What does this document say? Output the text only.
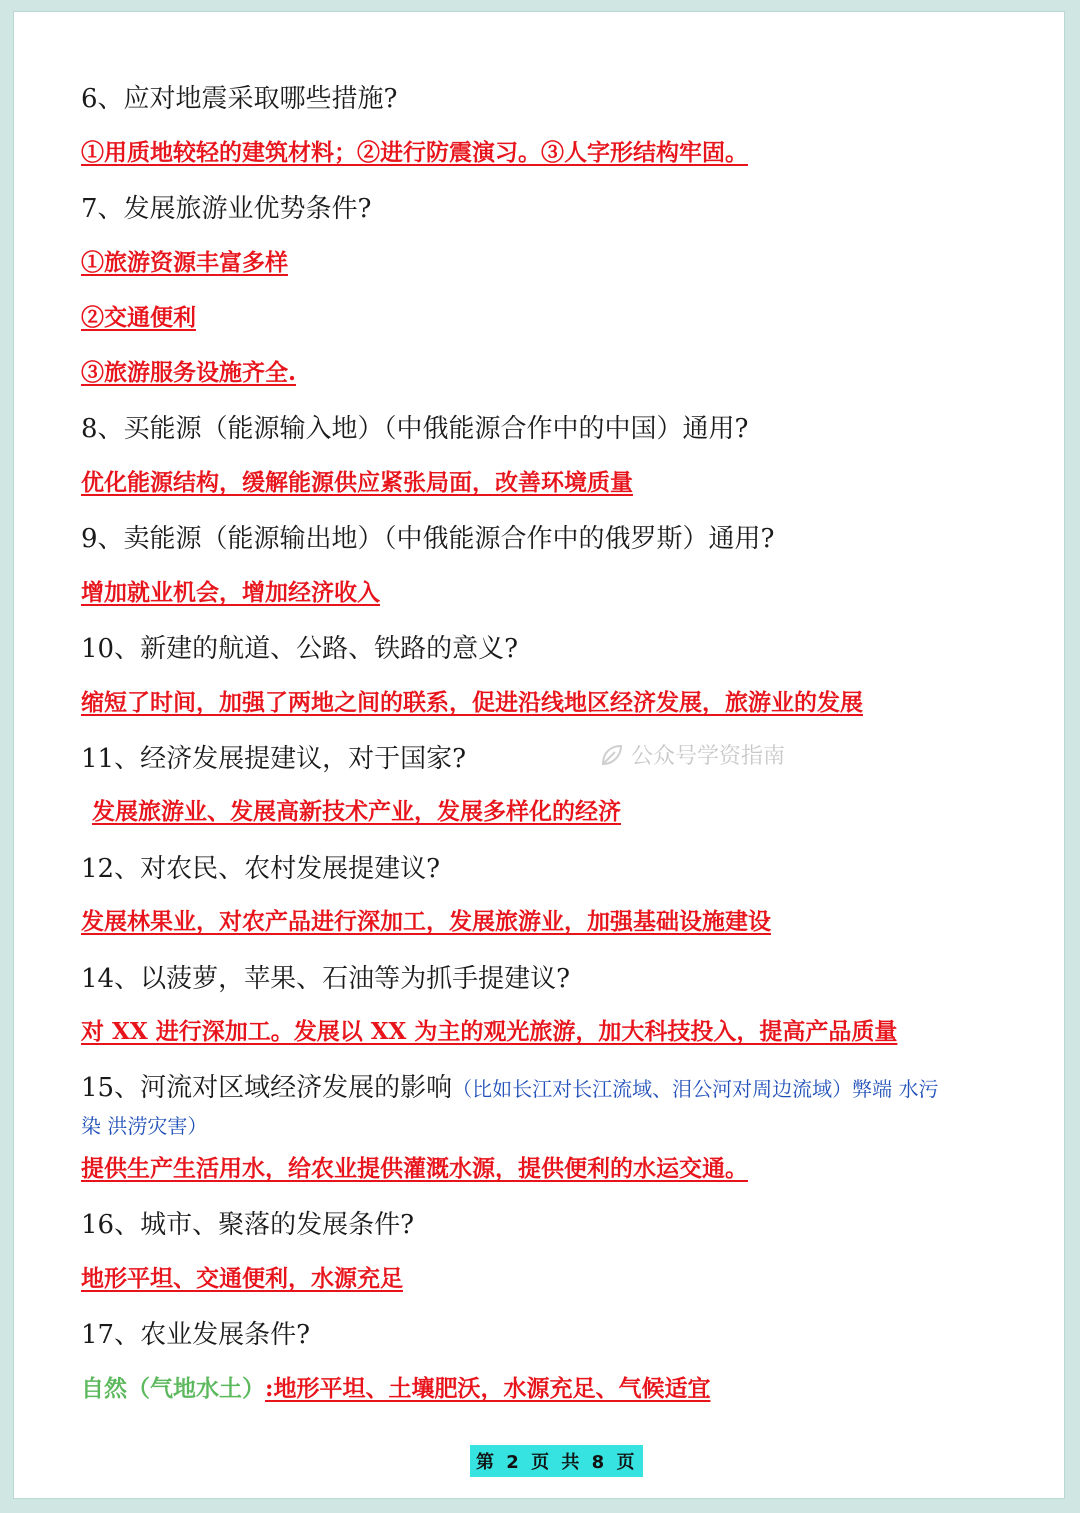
6、应对地震采取哪些措施?
①用质地较轻的建筑材料；②进行防震演习。③人字形结构牢固。
7、发展旅游业优势条件?
①旅游资源丰富多样
②交通便利
③旅游服务设施齐全.
8、买能源（能源输入地）（中俄能源合作中的中国）通用?
优化能源结构，缓解能源供应紧张局面，改善环境质量
9、卖能源（能源输出地）（中俄能源合作中的俄罗斯）通用?
增加就业机会，增加经济收入
10、新建的航道、公路、铁路的意义?
缩短了时间，加强了两地之间的联系，促进沿线地区经济发展，旅游业的发展
11、经济发展提建议，对于国家?
发展旅游业、发展高新技术产业，发展多样化的经济
12、对农民、农村发展提建议?
发展林果业，对农产品进行深加工，发展旅游业，加强基础设施建设
14、以菠萝，苹果、石油等为抓手提建议?
对 XX 进行深加工。发展以 XX 为主的观光旅游，加大科技投入，提高产品质量
15、河流对区域经济发展的影响（比如长江对长江流域、泪公河对周边流域）弊端 水污
染 洪涝灾害）
提供生产生活用水，给农业提供灌溉水源，提供便利的水运交通。
16、城市、聚落的发展条件?
地形平坦、交通便利，水源充足
17、农业发展条件?
自然（气地水土）:地形平坦、土壤肥沃，水源充足、气候适宜
公众号学资指南
第 2 页 共 8 页
